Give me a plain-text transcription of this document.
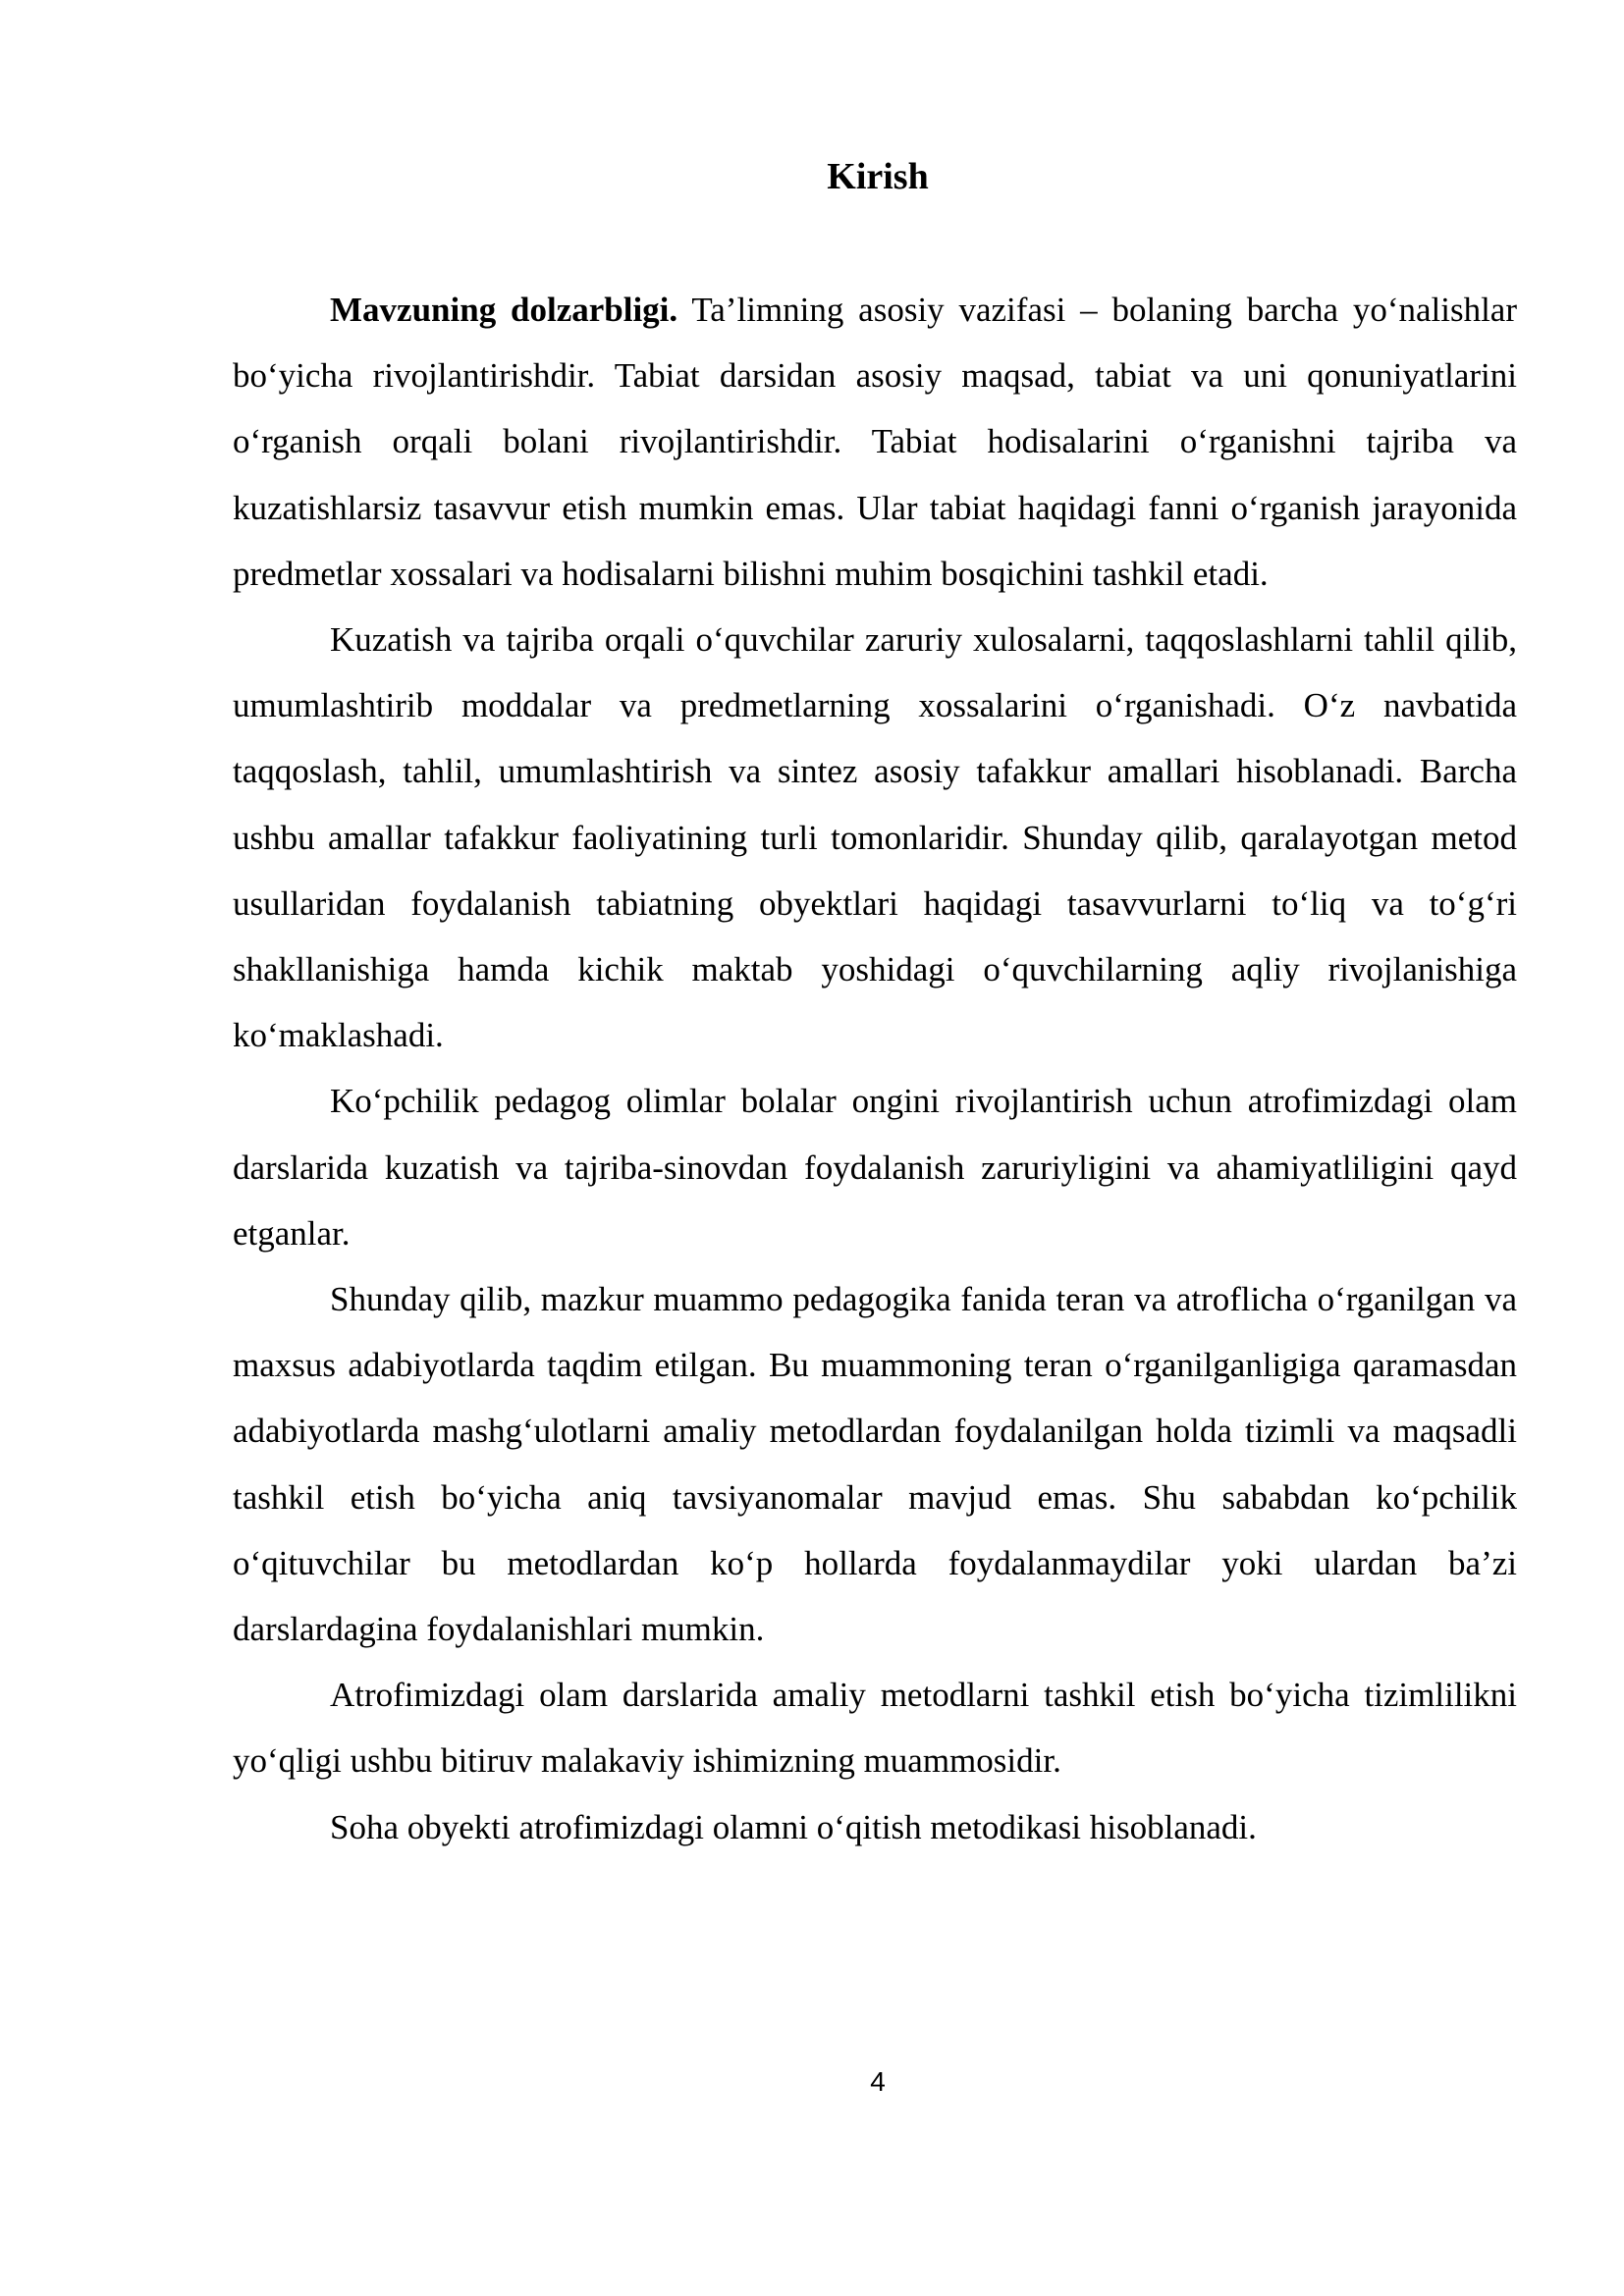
Kirish

Mavzuning dolzarbligi. Ta’limning asosiy vazifasi – bolaning barcha yo‘nalishlar bo‘yicha rivojlantirishdir. Tabiat darsidan asosiy maqsad, tabiat va uni qonuniyatlarini o‘rganish orqali bolani rivojlantirishdir. Tabiat hodisalarini o‘rganishni tajriba va kuzatishlarsiz tasavvur etish mumkin emas. Ular tabiat haqidagi fanni o‘rganish jarayonida predmetlar xossalari va hodisalarni bilishni muhim bosqichini tashkil etadi.

Kuzatish va tajriba orqali o‘quvchilar zaruriy xulosalarni, taqqoslashlarni tahlil qilib, umumlashtirib moddalar va predmetlarning xossalarini o‘rganishadi. O‘z navbatida taqqoslash, tahlil, umumlashtirish va sintez asosiy tafakkur amallari hisoblanadi. Barcha ushbu amallar tafakkur faoliyatining turli tomonlaridir. Shunday qilib, qaralayotgan metod usullaridan foydalanish tabiatning obyektlari haqidagi tasavvurlarni to‘liq va to‘g‘ri shakllanishiga hamda kichik maktab yoshidagi o‘quvchilarning aqliy rivojlanishiga ko‘maklashadi.

Ko‘pchilik pedagog olimlar bolalar ongini rivojlantirish uchun atrofimizdagi olam darslarida kuzatish va tajriba-sinovdan foydalanish zaruriyligini va ahamiyatliligini qayd etganlar.

Shunday qilib, mazkur muammo pedagogika fanida teran va atroflicha o‘rganilgan va maxsus adabiyotlarda taqdim etilgan. Bu muammoning teran o‘rganilganligiga qaramasdan adabiyotlarda mashg‘ulotlarni amaliy metodlardan foydalanilgan holda tizimli va maqsadli tashkil etish bo‘yicha aniq tavsiyanomalar mavjud emas. Shu sababdan ko‘pchilik o‘qituvchilar bu metodlardan ko‘p hollarda foydalanmaydilar yoki ulardan ba’zi darslardagina foydalanishlari mumkin.

Atrofimizdagi olam darslarida amaliy metodlarni tashkil etish bo‘yicha tizimlilikni yo‘qligi ushbu bitiruv malakaviy ishimizning muammosidir.

Soha obyekti atrofimizdagi olamni o‘qitish metodikasi hisoblanadi.

4
